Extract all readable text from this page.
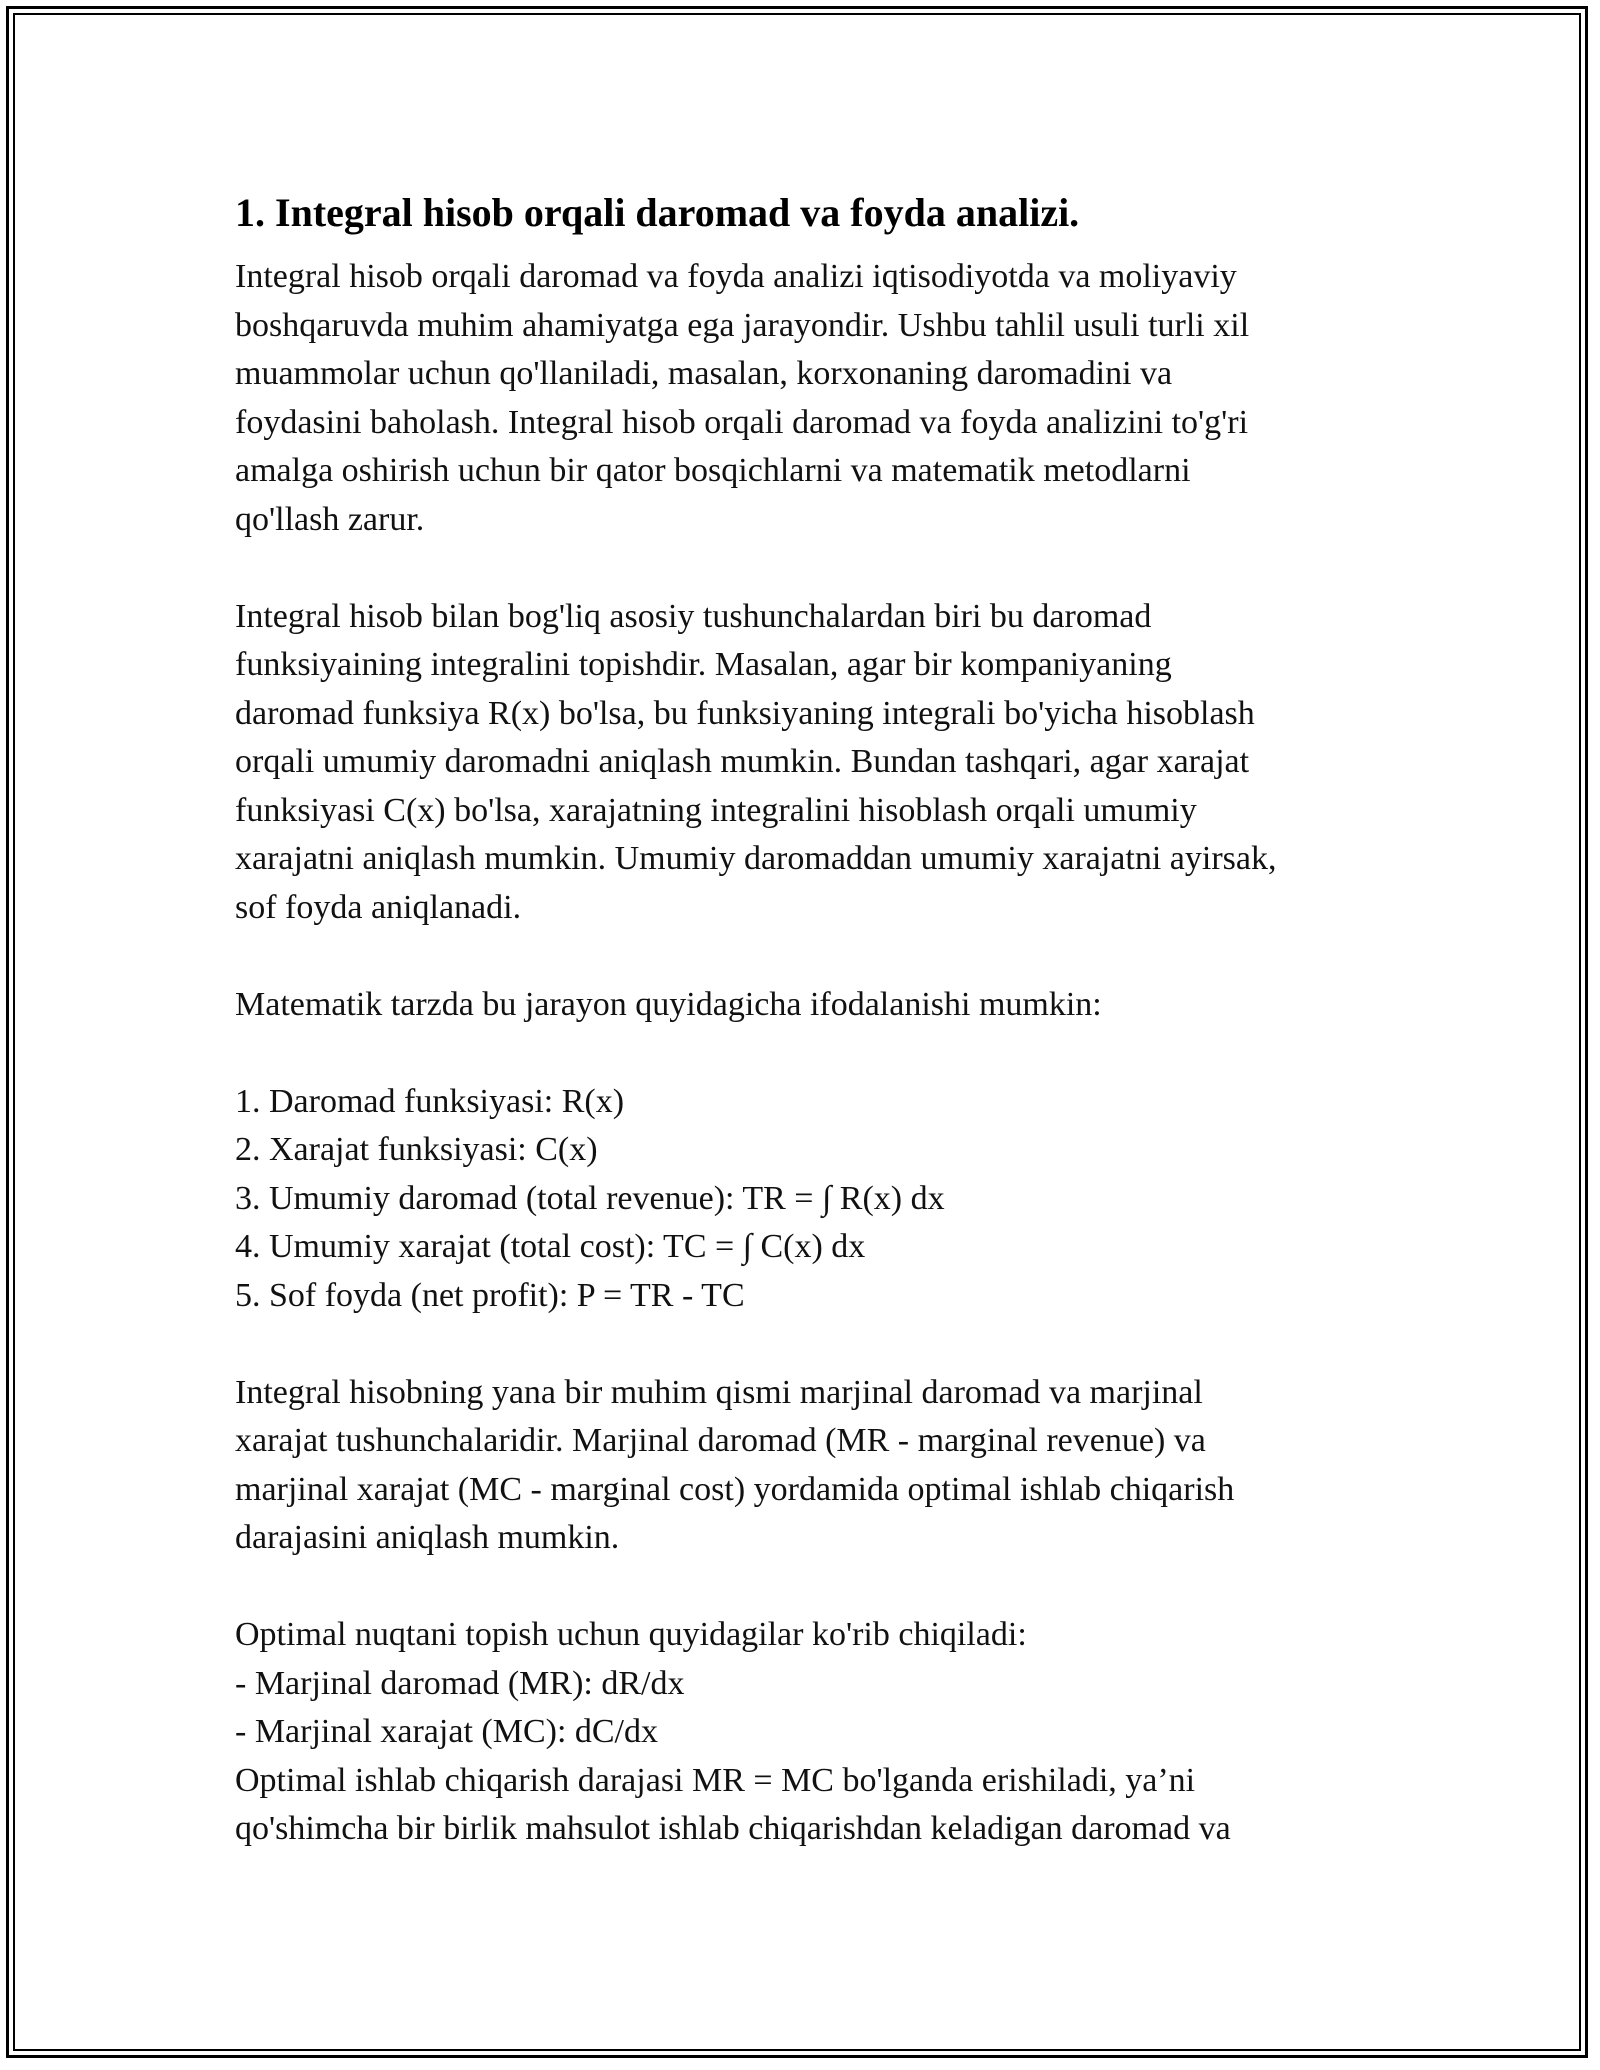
1. Integral hisob orqali daromad va foyda analizi.

Integral hisob orqali daromad va foyda analizi iqtisodiyotda va moliyaviy

boshqaruvda muhim ahamiyatga ega jarayondir. Ushbu tahlil usuli turli xil

muammolar uchun qo'llaniladi, masalan, korxonaning daromadini va

foydasini baholash. Integral hisob orqali daromad va foyda analizini to'g'ri

amalga oshirish uchun bir qator bosqichlarni va matematik metodlarni

qo'llash zarur.

Integral hisob bilan bog'liq asosiy tushunchalardan biri bu daromad

funksiyaining integralini topishdir. Masalan, agar bir kompaniyaning

daromad funksiya R(x) bo'lsa, bu funksiyaning integrali bo'yicha hisoblash

orqali umumiy daromadni aniqlash mumkin. Bundan tashqari, agar xarajat

funksiyasi C(x) bo'lsa, xarajatning integralini hisoblash orqali umumiy

xarajatni aniqlash mumkin. Umumiy daromaddan umumiy xarajatni ayirsak,

sof foyda aniqlanadi.

Matematik tarzda bu jarayon quyidagicha ifodalanishi mumkin:

1. Daromad funksiyasi: R(x)

2. Xarajat funksiyasi: C(x)

3. Umumiy daromad (total revenue): TR = ∫ R(x) dx

4. Umumiy xarajat (total cost): TC = ∫ C(x) dx

5. Sof foyda (net profit): P = TR - TC

Integral hisobning yana bir muhim qismi marjinal daromad va marjinal

xarajat tushunchalaridir. Marjinal daromad (MR - marginal revenue) va

marjinal xarajat (MC - marginal cost) yordamida optimal ishlab chiqarish

darajasini aniqlash mumkin.

Optimal nuqtani topish uchun quyidagilar ko'rib chiqiladi:

- Marjinal daromad (MR): dR/dx

- Marjinal xarajat (MC): dC/dx

Optimal ishlab chiqarish darajasi MR = MC bo'lganda erishiladi, ya’ni

qo'shimcha bir birlik mahsulot ishlab chiqarishdan keladigan daromad va
